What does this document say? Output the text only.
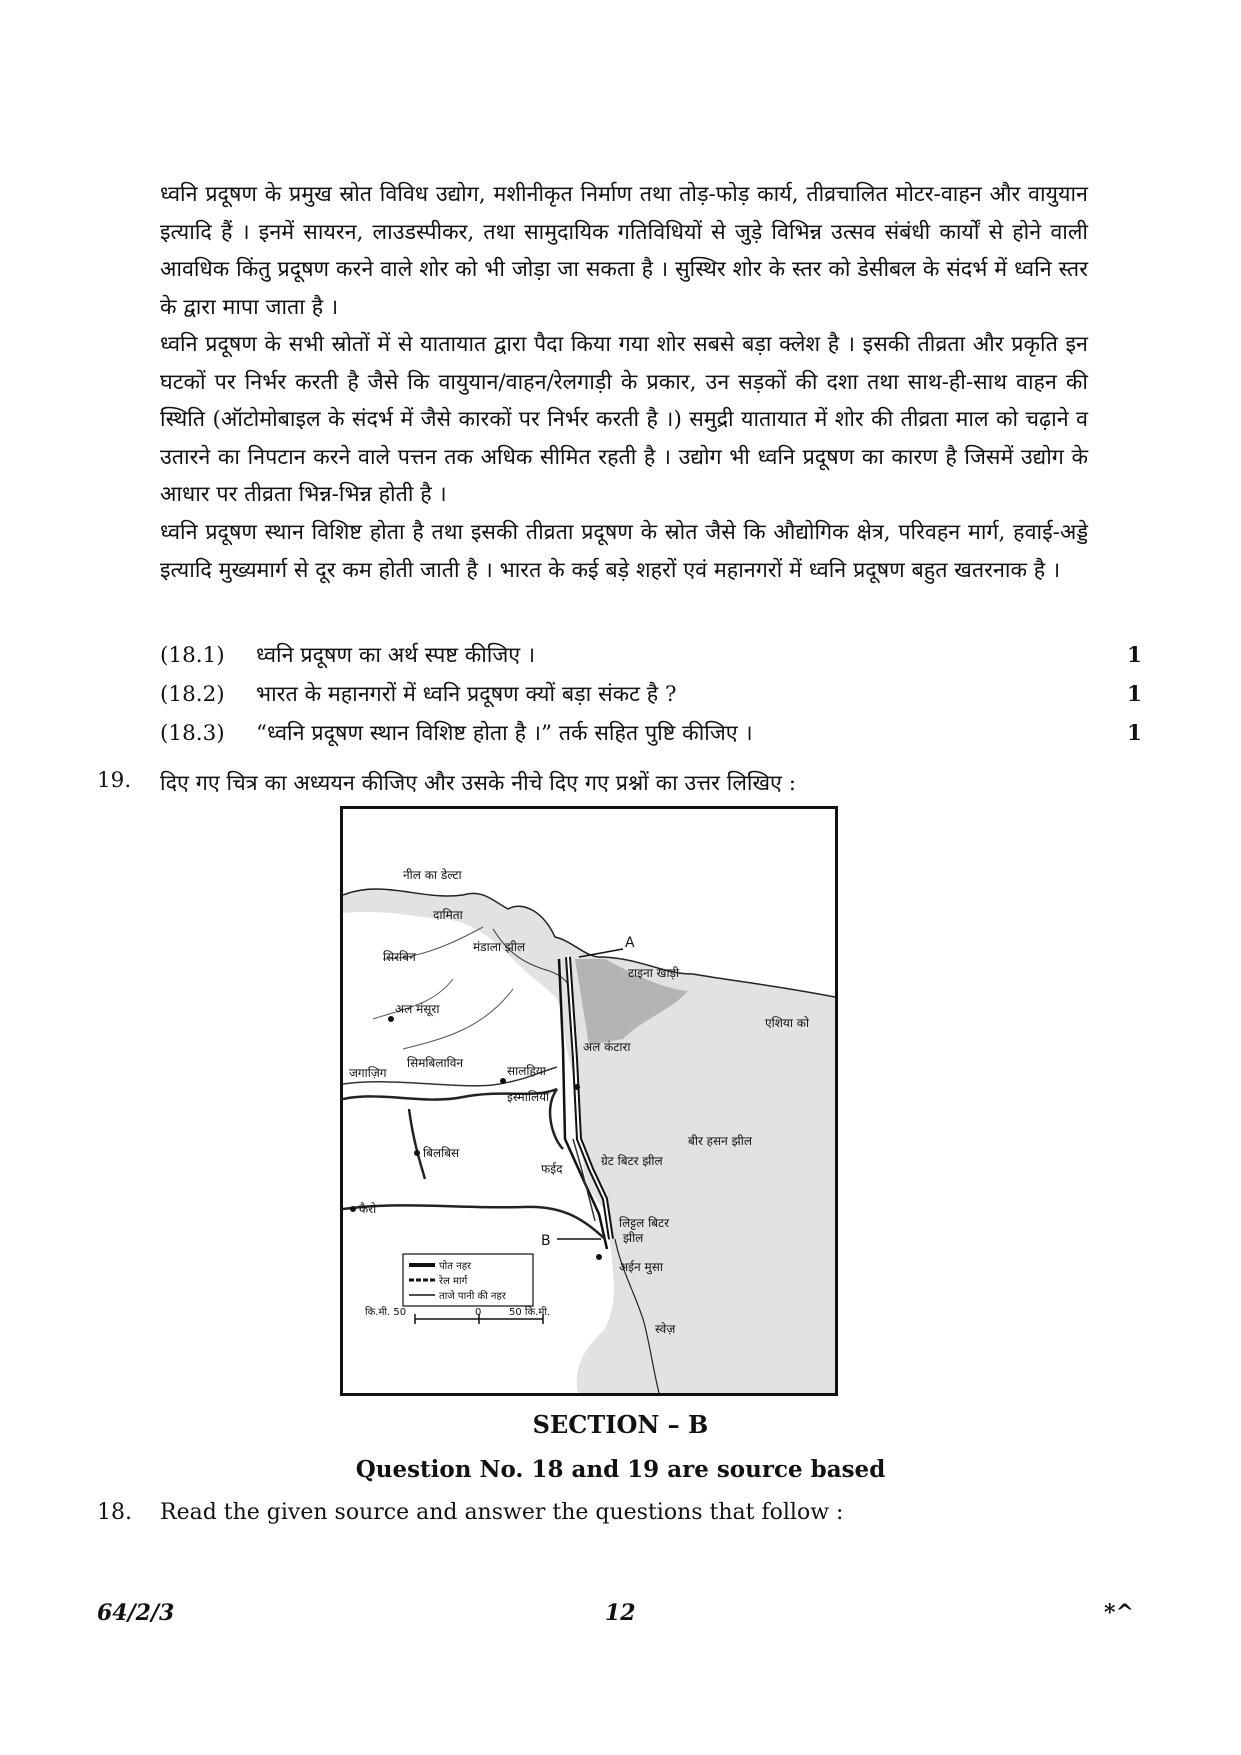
ध्वनि प्रदूषण के प्रमुख स्रोत विविध उद्योग, मशीनीकृत निर्माण तथा तोड़-फोड़ कार्य, तीव्रचालित मोटर-वाहन और वायुयान इत्यादि हैं । इनमें सायरन, लाउडस्पीकर, तथा सामुदायिक गतिविधियों से जुड़े विभिन्न उत्सव संबंधी कार्यों से होने वाली आवधिक किंतु प्रदूषण करने वाले शोर को भी जोड़ा जा सकता है । सुस्थिर शोर के स्तर को डेसीबल के संदर्भ में ध्वनि स्तर के द्वारा मापा जाता है ।

ध्वनि प्रदूषण के सभी स्रोतों में से यातायात द्वारा पैदा किया गया शोर सबसे बड़ा क्लेश है । इसकी तीव्रता और प्रकृति इन घटकों पर निर्भर करती है जैसे कि वायुयान/वाहन/रेलगाड़ी के प्रकार, उन सड़कों की दशा तथा साथ-ही-साथ वाहन की स्थिति (ऑटोमोबाइल के संदर्भ में जैसे कारकों पर निर्भर करती है ।) समुद्री यातायात में शोर की तीव्रता माल को चढ़ाने व उतारने का निपटान करने वाले पत्तन तक अधिक सीमित रहती है । उद्योग भी ध्वनि प्रदूषण का कारण है जिसमें उद्योग के आधार पर तीव्रता भिन्न-भिन्न होती है ।

ध्वनि प्रदूषण स्थान विशिष्ट होता है तथा इसकी तीव्रता प्रदूषण के स्रोत जैसे कि औद्योगिक क्षेत्र, परिवहन मार्ग, हवाई-अड्डे इत्यादि मुख्यमार्ग से दूर कम होती जाती है । भारत के कई बड़े शहरों एवं महानगरों में ध्वनि प्रदूषण बहुत खतरनाक है ।

(18.1) ध्वनि प्रदूषण का अर्थ स्पष्ट कीजिए ।	1
(18.2) भारत के महानगरों में ध्वनि प्रदूषण क्यों बड़ा संकट है ?	1
(18.3) “ध्वनि प्रदूषण स्थान विशिष्ट होता है ।” तर्क सहित पुष्टि कीजिए ।	1
19. दिए गए चित्र का अध्ययन कीजिए और उसके नीचे दिए गए प्रश्नों का उत्तर लिखिए :
नील का डेल्टा
दामिता
मंडाला झील
टाइना खाड़ी
सिरबिन
अल मंसूरा
एशिया को
अल कंटारा
सिमबिलाविन
सालहिया
जगाज़िग
इस्मालिया
बीर हसन झील
बिलबिस
फईद
ग्रेट बिटर झील
कैरो
लिट्टल बिटर
झील
अईन मुसा
स्वेज़
A
B
पोत नहर
रेल मार्ग
ताजे पानी की नहर
कि.मी. 50	0	50 कि.मी.
SECTION – B
Question No. 18 and 19 are source based
18. Read the given source and answer the questions that follow :
64/2/3	12	*^
